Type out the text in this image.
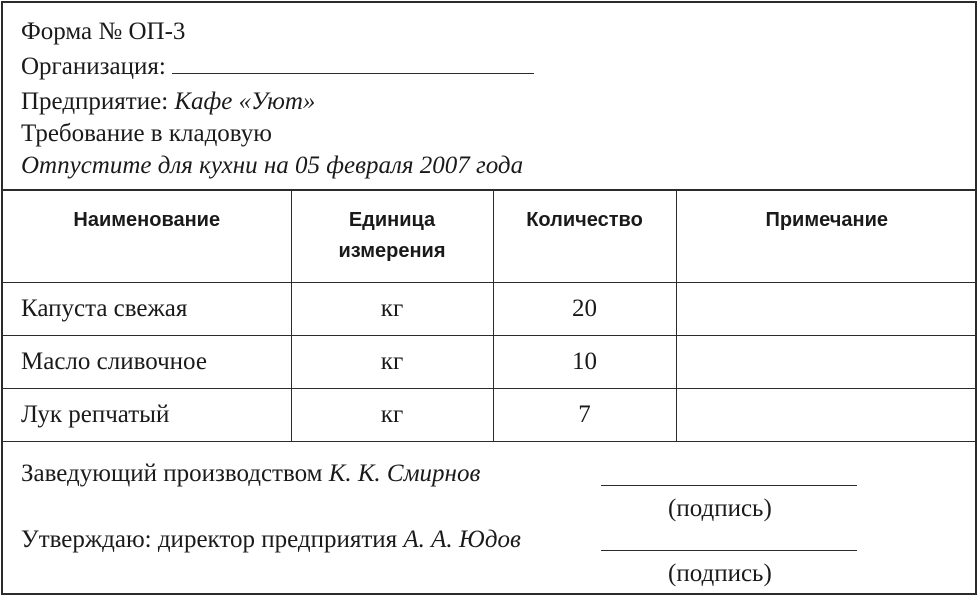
Форма № ОП-3
Организация:
Предприятие: Кафе «Уют»
Требование в кладовую
Отпустите для кухни на 05 февраля 2007 года
Наименование	Единица измерения	Количество	Примечание
Капуста свежая	кг	20	
Масло сливочное	кг	10	
Лук репчатый	кг	7	
Заведующий производством К. К. Смирнов
(подпись)
Утверждаю: директор предприятия А. А. Юдов
(подпись)
